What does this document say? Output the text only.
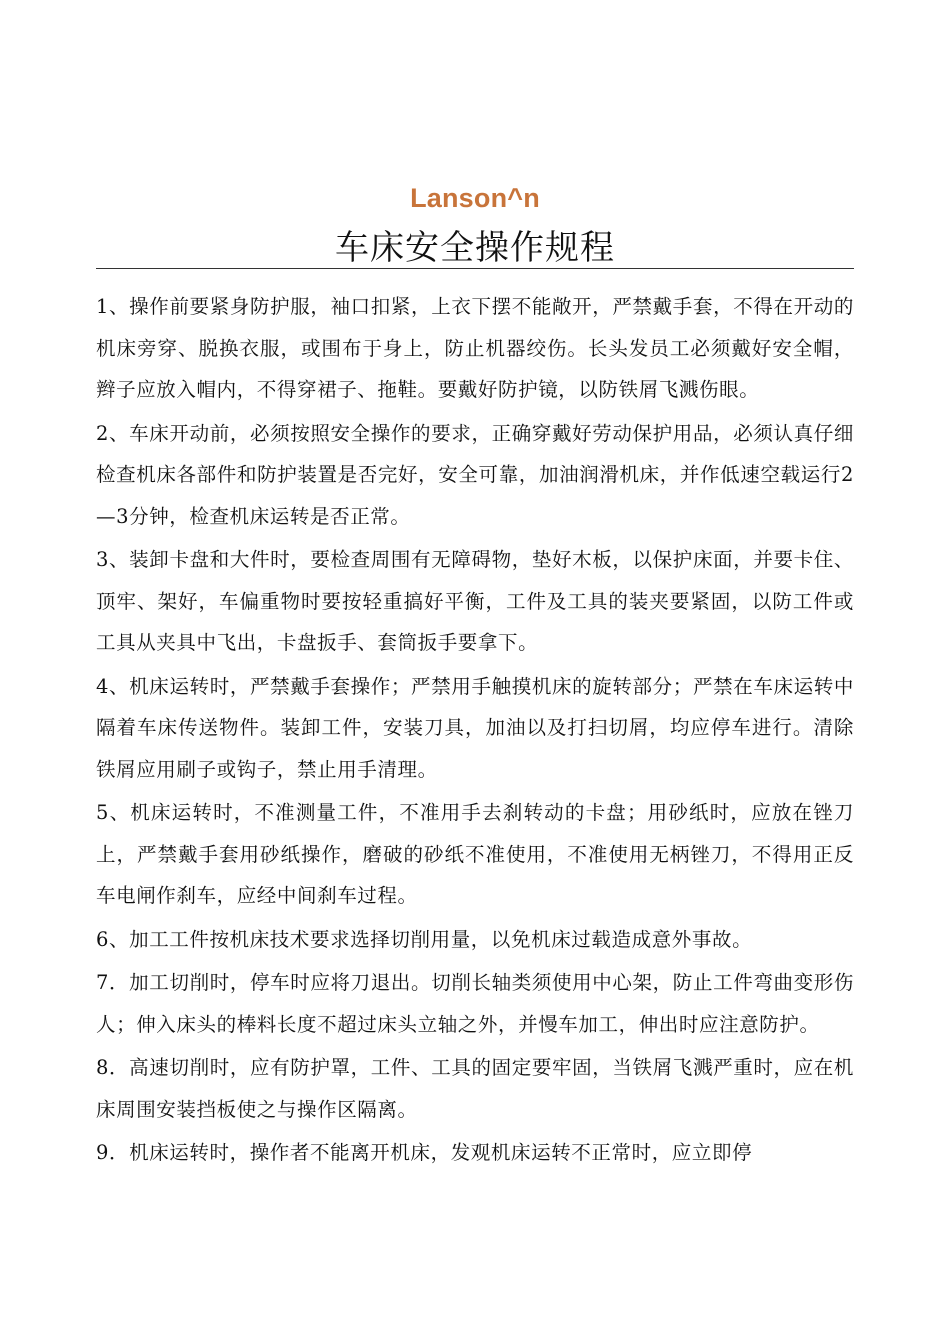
Lanson^n
车床安全操作规程

1、操作前要紧身防护服，袖口扣紧，上衣下摆不能敞开，严禁戴手套，不得在开动的机床旁穿、脱换衣服，或围布于身上，防止机器绞伤。长头发员工必须戴好安全帽，辫子应放入帽内，不得穿裙子、拖鞋。要戴好防护镜，以防铁屑飞溅伤眼。

2、车床开动前，必须按照安全操作的要求，正确穿戴好劳动保护用品，必须认真仔细检查机床各部件和防护装置是否完好，安全可靠，加油润滑机床，并作低速空载运行2—3分钟，检查机床运转是否正常。

3、装卸卡盘和大件时，要检查周围有无障碍物，垫好木板，以保护床面，并要卡住、顶牢、架好，车偏重物时要按轻重搞好平衡，工件及工具的装夹要紧固，以防工件或工具从夹具中飞出，卡盘扳手、套筒扳手要拿下。

4、机床运转时，严禁戴手套操作；严禁用手触摸机床的旋转部分；严禁在车床运转中隔着车床传送物件。装卸工件，安装刀具，加油以及打扫切屑，均应停车进行。清除铁屑应用刷子或钩子，禁止用手清理。

5、机床运转时，不准测量工件，不准用手去刹转动的卡盘；用砂纸时，应放在锉刀上，严禁戴手套用砂纸操作，磨破的砂纸不准使用，不准使用无柄锉刀，不得用正反车电闸作刹车，应经中间刹车过程。

6、加工工件按机床技术要求选择切削用量，以免机床过载造成意外事故。

7．加工切削时，停车时应将刀退出。切削长轴类须使用中心架，防止工件弯曲变形伤人；伸入床头的棒料长度不超过床头立轴之外，并慢车加工，伸出时应注意防护。

8．高速切削时，应有防护罩，工件、工具的固定要牢固，当铁屑飞溅严重时，应在机床周围安装挡板使之与操作区隔离。

9．机床运转时，操作者不能离开机床，发观机床运转不正常时，应立即停
